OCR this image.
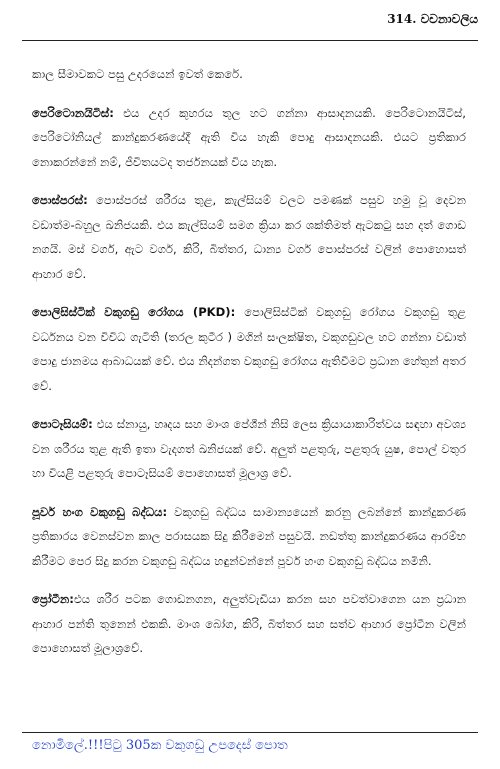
314. වචනාවලිය

කාල සීමාවකට පසු උදරයෙන් ඉවත් කෙරේ.

පෙරිටොනයිටිස්: එය උදර කුහරය තුල හට ගන්නා ආසාදනයකි. පෙරිටොනයිටිස්, පෙරිටෝනියල් කාන්දුකරණයේදී ඇති විය හැකි පොදු ආසාදනයකි. එයට ප්‍රතිකාර නොකරන්නේ නම්, ජීවිතයටද තර්ජනයක් විය හැක.

පොස්පරස්: පොස්පරස් ශරීරය තුළ, කැල්සියම් වලට පමණක් පසුව හමු වූ දෙවන වඩාත්ම-බහුල ඛනිජයකි. එය කැල්සියම් සමග ක්‍රියා කර ශක්තිමත් ඇටකටු සහ දත් ගොඩ නගයි. මස් වර්ග, ඇට වර්ග, කිරි, බිත්තර, ධාන්‍ය වර්ග පොස්පරස් වලින් පොහොසත් ආහාර වේ.

පොලිසිස්ටික් වකුගඩු රෝගය (PKD): පොලිසිස්ටික් වකුගඩු රෝගය වකුගඩු තුළ වර්ධනය වන විවිධ ගැටිති (තරල කුටීර ) මගින් සංලක්ෂිත, වකුගඩුවල හට ගන්නා වඩාත් පොදු ජානමය ආබාධයක් වේ. එය නිදන්ගත වකුගඩු රෝගය ඇතිවීමට ප්‍රධාන හේතුන් අතර වේ.

පොටෑසියම්: එය ස්නායු, හෘදය සහ මාංශ පේශීන් නිසි ලෙස ක්‍රියායාකාරිත්වය සඳහා අවශ්‍ය වන ශරීරය තුළ ඇති ඉතා වැදගත් ඛනිජයක් වේ. අලුත් පළතුරු, පළතුරු යුෂ, පොල් වතුර හා වියළි පළතුරු පොටෑසියම් පොහොසත් මූලාශ්‍ර වේ.

පූර්ව හංග වකුගඩු බද්ධය: වකුගඩු බද්ධය සාමාන්‍යයෙන් කරනු ලබන්නේ කාන්දුකරණ ප්‍රතිකාරය වෙනස්වන කාල පරාසයක සිදු කිරීමෙන් පසුවයි. නඩත්තු කාන්දුකරණය ආරම්භ කිරීමට පෙර සිදු කරන වකුගඩු බද්ධය හඳුන්වන්නේ පූර්ව හංග වකුගඩු බද්ධය නමිනි.

ප්‍රෝටීන:එය ශරීර පටක ගොඩනගන, අලුත්වැඩියා කරන සහ පවත්වාගෙන යන ප්‍රධාන ආහාර පන්ති තුනෙන් එකකි. මාංශ බෝග, කිරි, බිත්තර සහ සත්ව ආහාර ප්‍රෝටීන වලින් පොහොසත් මූලාශ්‍රවේ.

නොමිලේ.!!!පිටු 305ක වකුගඩු උපදෙස් පොත
